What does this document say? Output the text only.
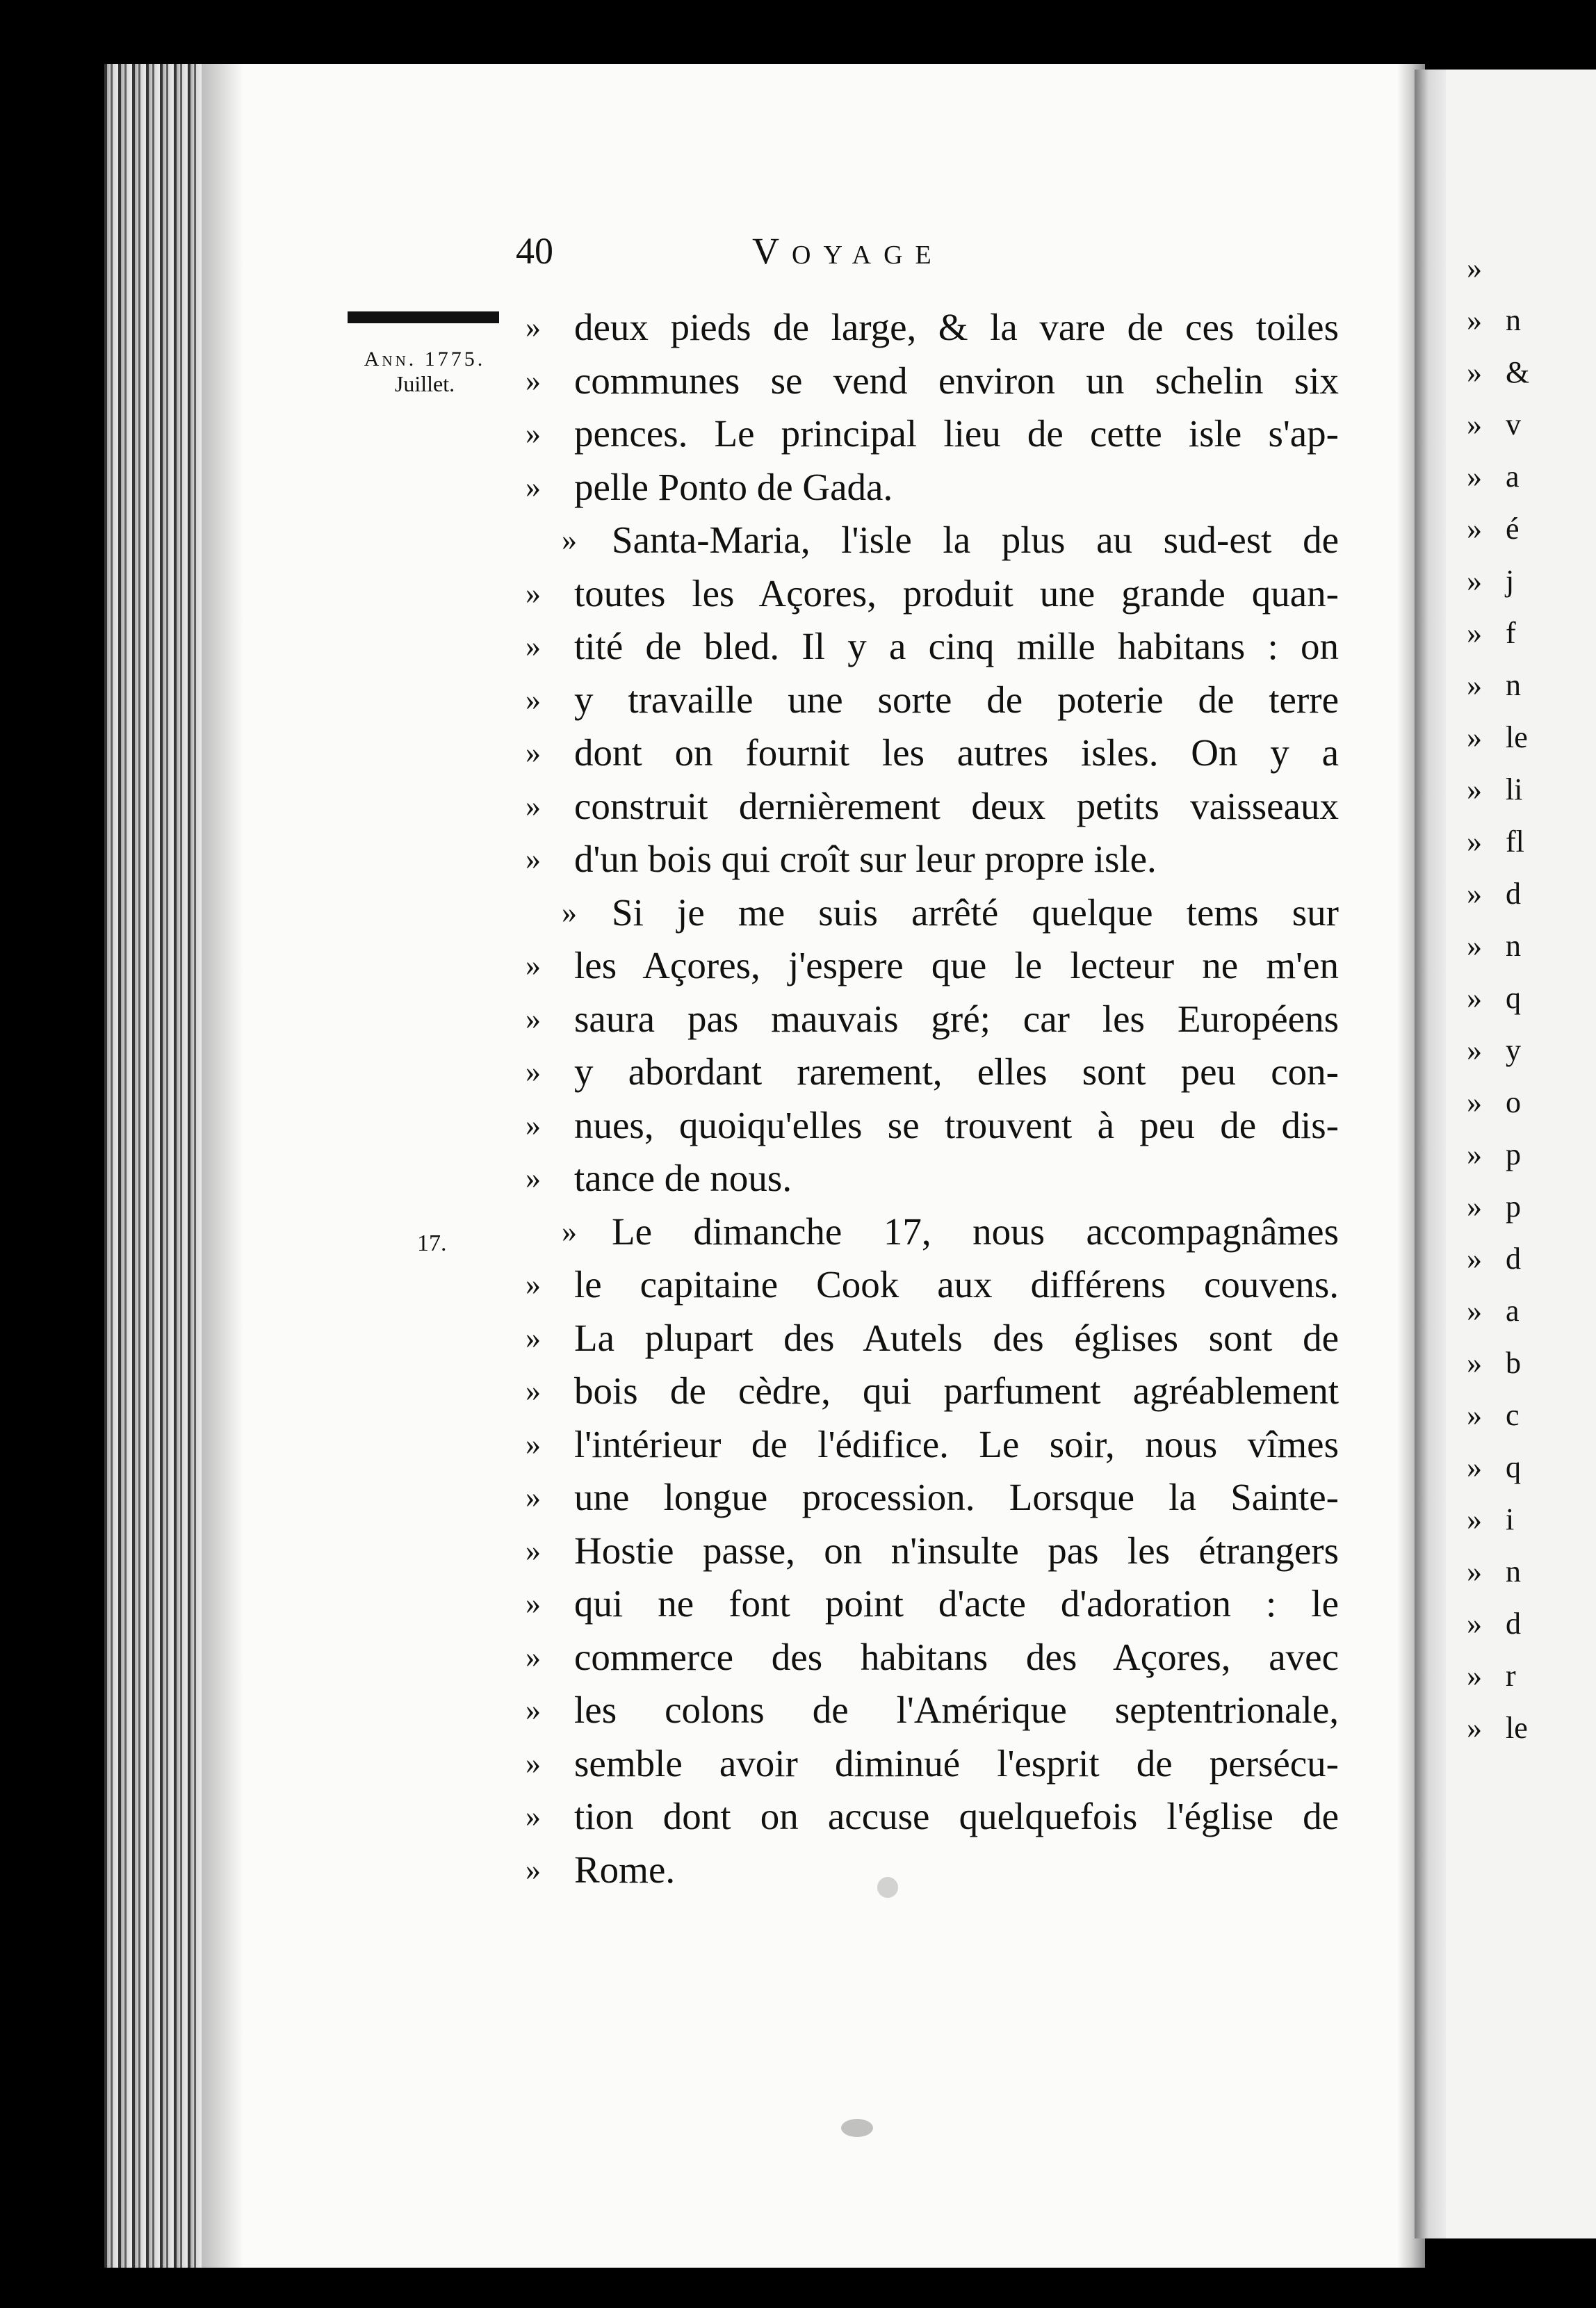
»
» n
» &
» v
» a
» é
» j
» f
» n
» le
» li
» fl
» d
» n
» q
» y
» o
» p
» p
» d
» a
» b
» c
» q
» i
» n
» d
» r
» le
40	Voyage
Ann. 1775.
Juillet.
17.
» deux pieds de large, & la vare de ces toiles
» communes se vend environ un schelin six
» pences. Le principal lieu de cette isle s'ap-
» pelle Ponto de Gada.
» Santa-Maria, l'isle la plus au sud-est de
» toutes les Açores, produit une grande quan-
» tité de bled. Il y a cinq mille habitans : on
» y travaille une sorte de poterie de terre
» dont on fournit les autres isles. On y a
» construit dernièrement deux petits vaisseaux
» d'un bois qui croît sur leur propre isle.
» Si je me suis arrêté quelque tems sur
» les Açores, j'espere que le lecteur ne m'en
» saura pas mauvais gré; car les Européens
» y abordant rarement, elles sont peu con-
» nues, quoiqu'elles se trouvent à peu de dis-
» tance de nous.
» Le dimanche 17, nous accompagnâmes
» le capitaine Cook aux différens couvens.
» La plupart des Autels des églises sont de
» bois de cèdre, qui parfument agréablement
» l'intérieur de l'édifice. Le soir, nous vîmes
» une longue procession. Lorsque la Sainte-
» Hostie passe, on n'insulte pas les étrangers
» qui ne font point d'acte d'adoration : le
» commerce des habitans des Açores, avec
» les colons de l'Amérique septentrionale,
» semble avoir diminué l'esprit de persécu-
» tion dont on accuse quelquefois l'église de
» Rome.
